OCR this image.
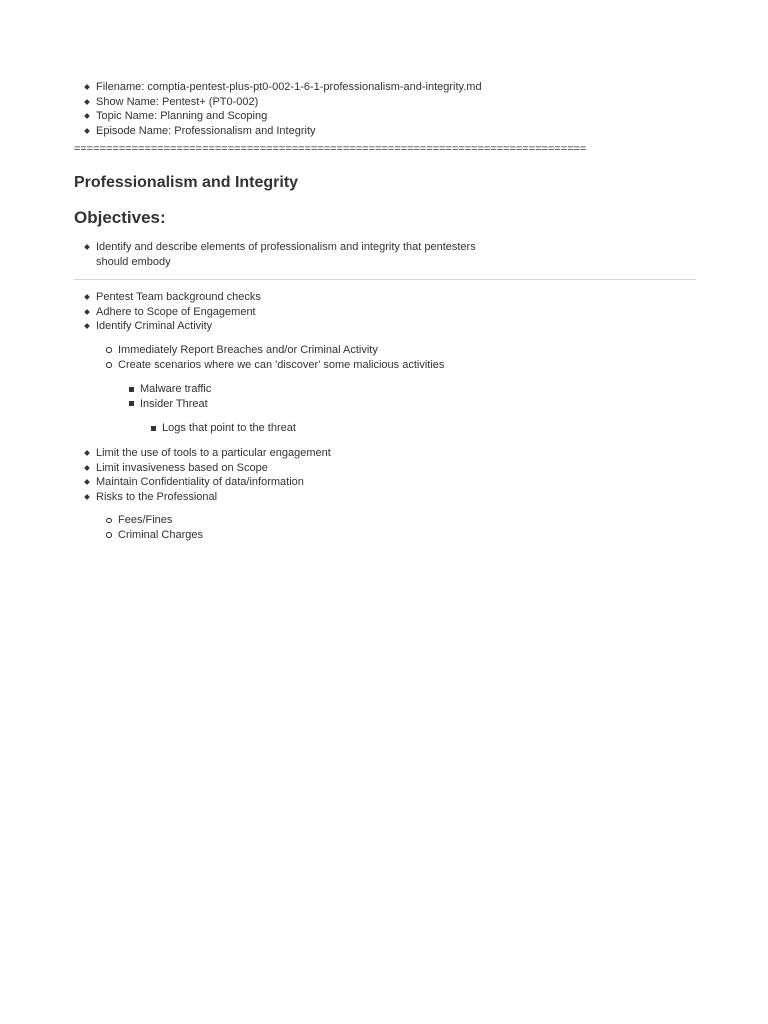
Filename: comptia-pentest-plus-pt0-002-1-6-1-professionalism-and-integrity.md
Show Name: Pentest+ (PT0-002)
Topic Name: Planning and Scoping
Episode Name: Professionalism and Integrity
================================================================================
Professionalism and Integrity
Objectives:
Identify and describe elements of professionalism and integrity that pentesters should embody
Pentest Team background checks
Adhere to Scope of Engagement
Identify Criminal Activity
Immediately Report Breaches and/or Criminal Activity
Create scenarios where we can 'discover' some malicious activities
Malware traffic
Insider Threat
Logs that point to the threat
Limit the use of tools to a particular engagement
Limit invasiveness based on Scope
Maintain Confidentiality of data/information
Risks to the Professional
Fees/Fines
Criminal Charges
